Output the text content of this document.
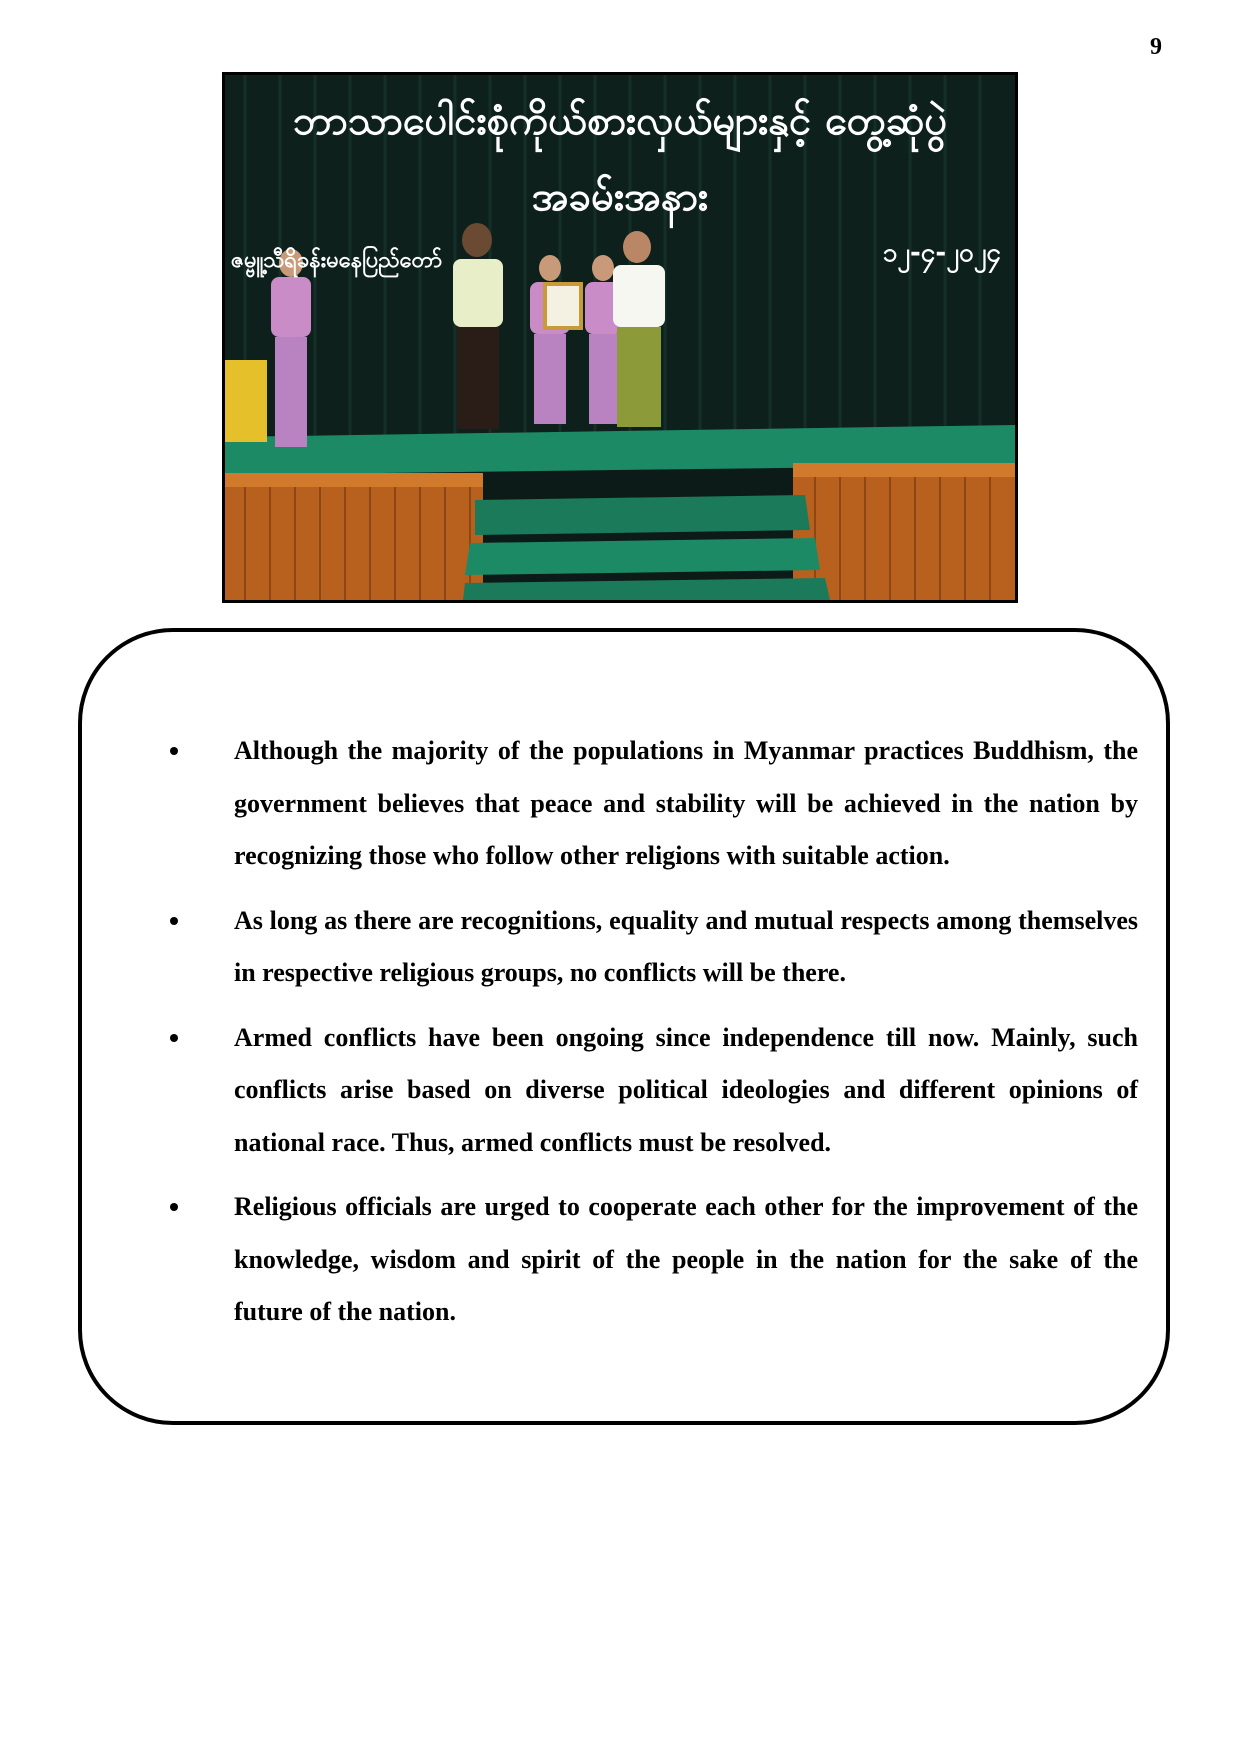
9
ဘာသာပေါင်းစုံကိုယ်စားလှယ်များနှင့် တွေ့ဆုံပွဲ
အခမ်းအနား
ဇမ္ဗူ့သီရိခန်းမနေပြည်တော်	၁၂-၄-၂၀၂၄
Although the majority of the populations in Myanmar practices Buddhism, the government believes that peace and stability will be achieved in the nation by recognizing those who follow other religions with suitable action.
As long as there are recognitions, equality and mutual respects among themselves in respective religious groups, no conflicts will be there.
Armed conflicts have been ongoing since independence till now. Mainly, such conflicts arise based on diverse political ideologies and different opinions of national race. Thus, armed conflicts must be resolved.
Religious officials are urged to cooperate each other for the improvement of the knowledge, wisdom and spirit of the people in the nation for the sake of the future of the nation.
